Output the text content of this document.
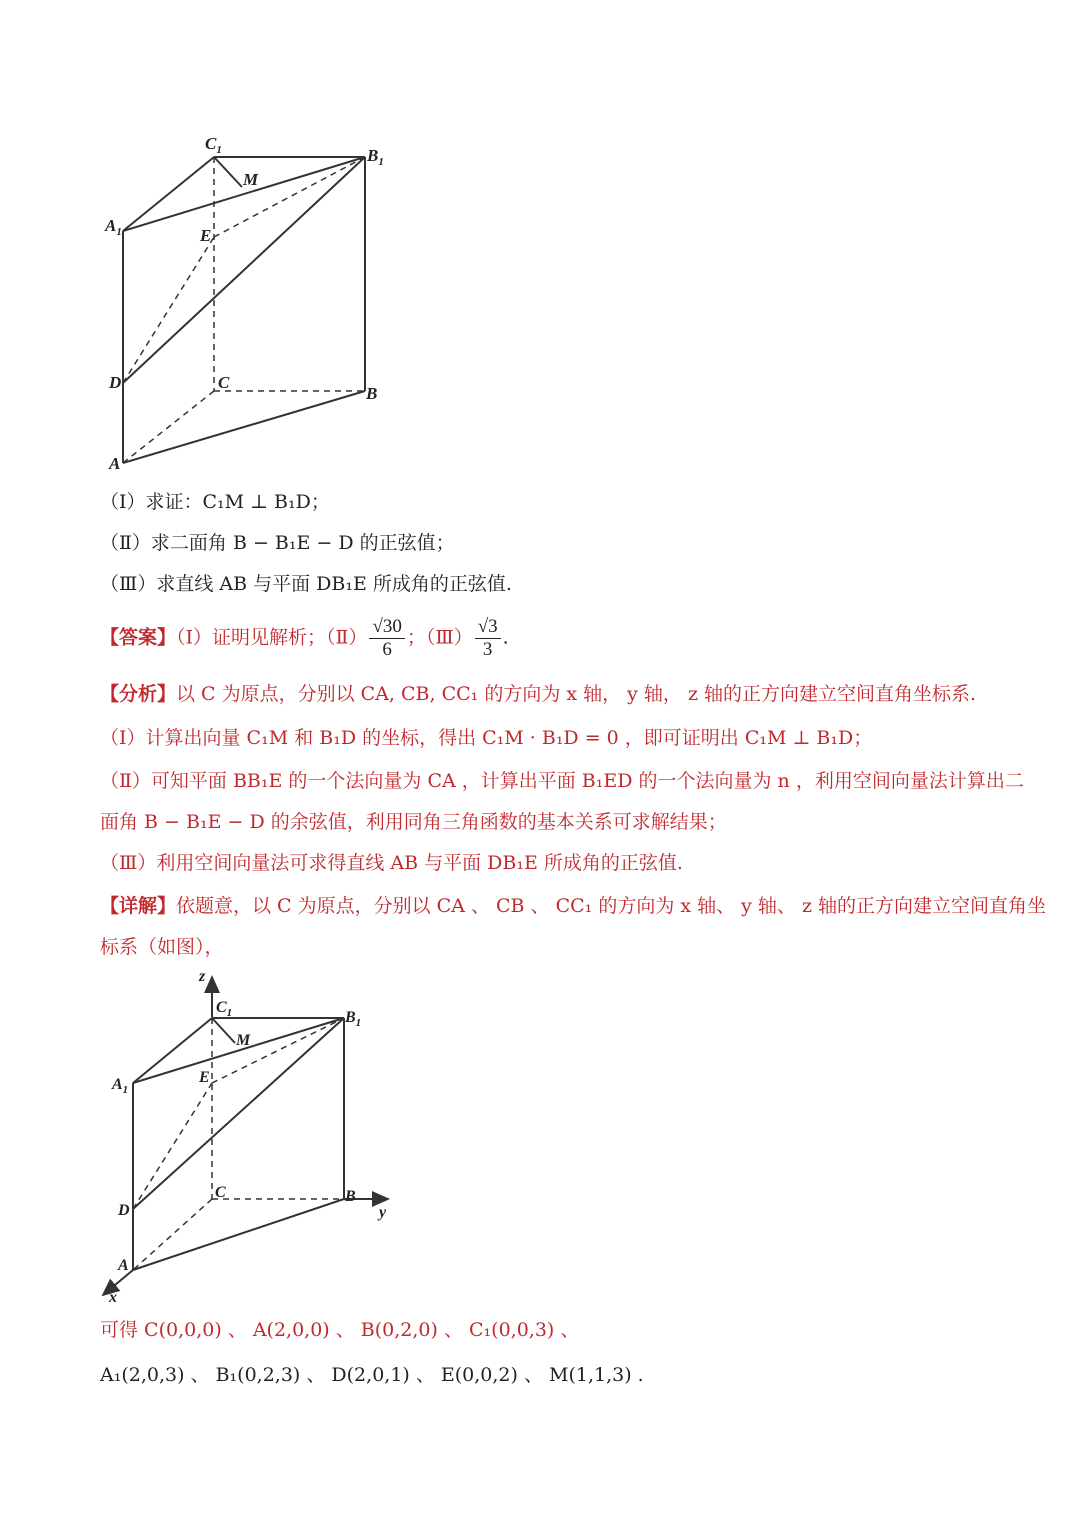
$C_1$	$B_1$
M
$A_1$	E
D	C
B
A
（Ⅰ）求证：C₁M ⊥ B₁D；
（Ⅱ）求二面角 B − B₁E − D 的正弦值；
（Ⅲ）求直线 AB 与平面 DB₁E 所成角的正弦值.
【答案】（Ⅰ）证明见解析；（Ⅱ） $\frac{√30}{6}$ ；（Ⅲ） $\frac{√3}{3}$ .
【分析】以 C 为原点，分别以 CA, CB, CC₁ 的方向为 x 轴， y 轴， z 轴的正方向建立空间直角坐标系.
（Ⅰ）计算出向量 C₁M 和 B₁D 的坐标，得出 C₁M · B₁D = 0 ，即可证明出 C₁M ⊥ B₁D；
（Ⅱ）可知平面 BB₁E 的一个法向量为 CA ，计算出平面 B₁ED 的一个法向量为 n ，利用空间向量法计算出二
面角 B − B₁E − D 的余弦值，利用同角三角函数的基本关系可求解结果；
（Ⅲ）利用空间向量法可求得直线 AB 与平面 DB₁E 所成角的正弦值.
【详解】依题意，以 C 为原点，分别以 CA 、 CB 、 CC₁ 的方向为 x 轴、 y 轴、 z 轴的正方向建立空间直角坐
标系（如图），
z
$C_1$	$B_1$
M
$A_1$
E
C	B
y
D
A
x
可得 C(0,0,0) 、 A(2,0,0) 、 B(0,2,0) 、 C₁(0,0,3) 、
A₁(2,0,3) 、 B₁(0,2,3) 、 D(2,0,1) 、 E(0,0,2) 、 M(1,1,3) .
